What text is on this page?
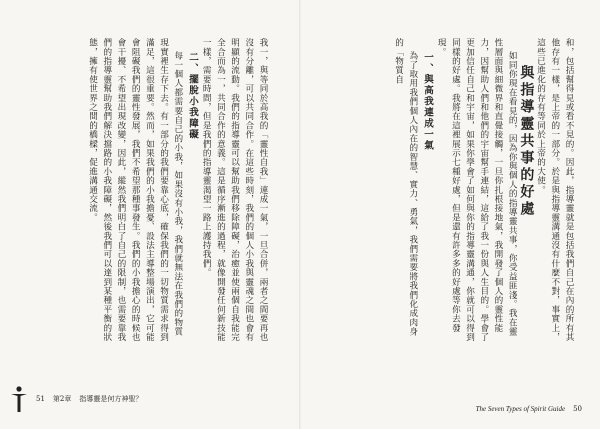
我一，與等同於高我的「靈性自我」連成一氣，一旦合併，兩者之間要再也沒有分離，可以共同合作。在這些時刻，我們的個人小我與靈魂之間也會有明顯的流動。我們的指導靈可以幫助我們移除障礙，治癒並使兩個自我能完全合而為一，共同合作的意義。這是循序漸進的過程，就像開發任何新技能一樣，需要時間，但是我們的指導靈渴望一路上護持我們。

二、擺脫小我障礙

每一個人都需要自己的小我，如果沒有小我，我們就無法在我們的物質現實裡生存下去。有一部分的我們要靠心底，確保我們的一切物質需求得到滿足，這很重要。然而，如果我們的小我擔憂、設法主導整場演出，它可能會阻礙我們的靈性發展，我們不希望那種事發生。我們的小我擔心的時候也會干擾、不希望出現改變，因此，縱然我們明白了自己的限制，也需要靠我們的指導靈幫助我們解決擋路的小我障礙，然後我們可以達到某種平衡的狀態，擁有使世界之間的橋樑，促進溝通交流。

51 第2章 指導靈是何方神聖？

和，包括幫得見或看不見的。因此，指導靈就是包括我們自己在內的所有其他存有一樣，是上帝的一部分。於是與指導靈溝通沒有什麼不對，事實上，這些已進化的存有等同於上帝的大使。

與指導靈共事的好處

如同你現在看見的，因為你與個人的指導靈共事，你受益匪淺。我在靈性層面與細微界和直覺接觸，一旦你扎根接地氣，我開發了個人的靈性能力，因幫助人們和他們的宇宙幫手連結，這給了我一份與人生目的。學會了更加信任自己和宇宙，如果你學會了如何與你的指導靈溝通，你就可以得到同樣的好處。我將在這裡展示七種好處，但是還有許多多的好處等你去發現。

一、與高我連成一氣

為了取用我們個人內在的智慧、實力、勇氣，我們需要將我們化成肉身的「物質自

The Seven Types of Spirit Guide 50
